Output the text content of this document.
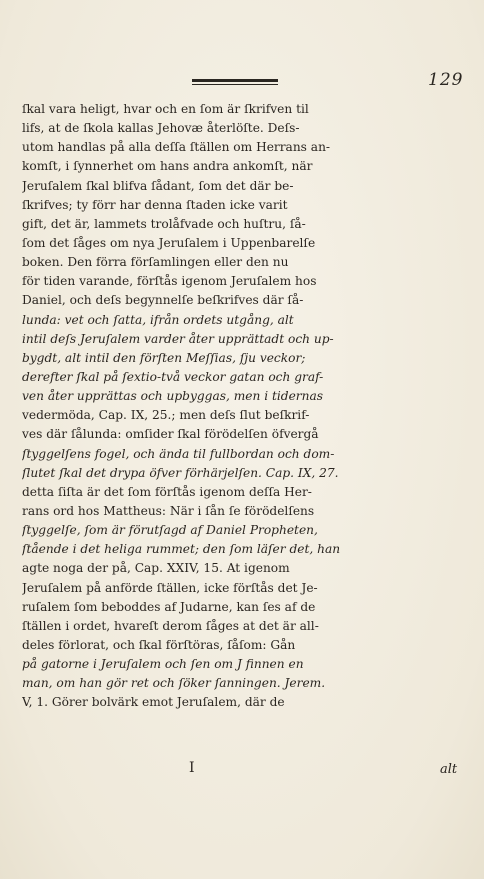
129
ſkal vara heligt, hvar och en ſom är ſkrifven til
lifs, at de ſkola kallas Jehovæ återlöſte. Deſs-
utom handlas på alla deſſa ſtällen om Herrans an-
komſt, i ſynnerhet om hans andra ankomſt, när
Jeruſalem ſkal blifva ſådant, ſom det där be-
ſkrifves; ty förr har denna ſtaden icke varit
gift, det är, lammets trolåfvade och huſtru, ſå-
ſom det ſåges om nya Jeruſalem i Uppenbarelſe
boken. Den förra förſamlingen eller den nu
för tiden varande, förſtås igenom Jeruſalem hos
Daniel, och deſs begynnelſe beſkrifves där ſå-
lunda: vet och ſatta, ifrån ordets utgång, alt
intil deſs Jeruſalem varder åter upprättadt och up-
bygdt, alt intil den förſten Meſſias, ſju veckor;
derefter ſkal på ſextio-två veckor gatan och graf-
ven åter upprättas och upbyggas, men i tidernas
vedermöda, Cap. IX, 25.; men deſs ſlut beſkrif-
ves där ſålunda: omſider ſkal förödelſen öfvergå
ſtyggelſens fogel, och ända til fullbordan och dom-
ſlutet ſkal det drypa öfver förhärjelſen. Cap. IX, 27.
detta ſiſta är det ſom förſtås igenom deſſa Her-
rans ord hos Mattheus: När i ſån ſe förödelſens
ſtyggelſe, ſom är förutſagd af Daniel Propheten,
ſtående i det heliga rummet; den ſom läſer det, han
agte noga der på, Cap. XXIV, 15. At igenom
Jeruſalem på anförde ſtällen, icke förſtås det Je-
ruſalem ſom beboddes af Judarne, kan ſes af de
ſtällen i ordet, hvareſt derom ſåges at det är all-
deles förlorat, och ſkal förſtöras, ſåſom: Gån
på gatorne i Jeruſalem och ſen om J finnen en
man, om han gör ret och ſöker ſanningen. Jerem.
V, 1. Görer bolvärk emot Jeruſalem, där de
I	alt
